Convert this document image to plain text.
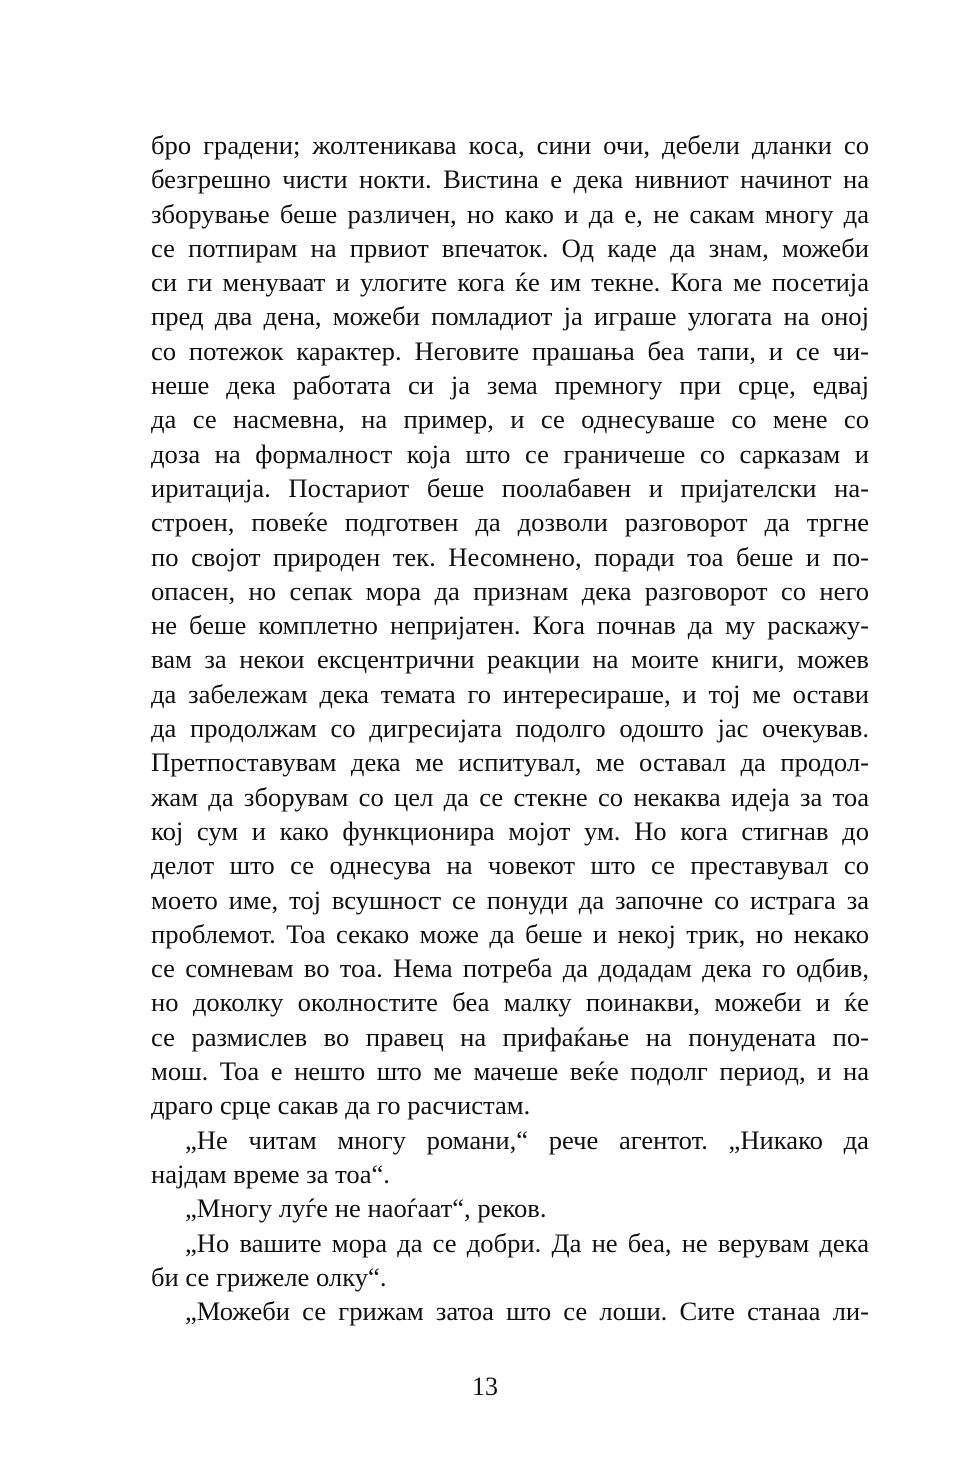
бро градени; жолтеникава коса, сини очи, дебели дланки со
безгрешно чисти нокти. Вистина е дека нивниот начинот на
зборување беше различен, но како и да е, не сакам многу да
се потпирам на првиот впечаток. Од каде да знам, можеби
си ги менуваат и улогите кога ќе им текне. Кога ме посетија
пред два дена, можеби помладиот ја играше улогата на оној
со потежок карактер. Неговите прашања беа тапи, и се чи-
неше дека работата си ја зема премногу при срце, едвај
да се насмевна, на пример, и се однесуваше со мене со
доза на формалност која што се граничеше со сарказам и
иритација. Постариот беше поолабавен и пријателски на-
строен, повеќе подготвен да дозволи разговорот да тргне
по својот природен тек. Несомнено, поради тоа беше и по-
опасен, но сепак мора да признам дека разговорот со него
не беше комплетно непријатен. Кога почнав да му раскажу-
вам за некои ексцентрични реакции на моите книги, можев
да забележам дека темата го интересираше, и тој ме остави
да продолжам со дигресијата подолго одошто јас очекував.
Претпоставувам дека ме испитувал, ме оставал да продол-
жам да зборувам со цел да се стекне со некаква идеја за тоа
кој сум и како функционира мојот ум. Но кога стигнав до
делот што се однесува на човекот што се преставувал со
моето име, тој всушност се понуди да започне со истрага за
проблемот. Тоа секако може да беше и некој трик, но некако
се сомневам во тоа. Нема потреба да додадам дека го одбив,
но доколку околностите беа малку поинакви, можеби и ќе
се размислев во правец на прифаќање на понудената по-
мош. Тоа е нешто што ме мачеше веќе подолг период, и на
драго срце сакав да го расчистам.
„Не читам многу романи,“ рече агентот. „Никако да
најдам време за тоа“.
„Многу луѓе не наоѓаат“, реков.
„Но вашите мора да се добри. Да не беа, не верувам дека
би се грижеле олку“.
„Можеби се грижам затоа што се лоши. Сите станаа ли-
13
